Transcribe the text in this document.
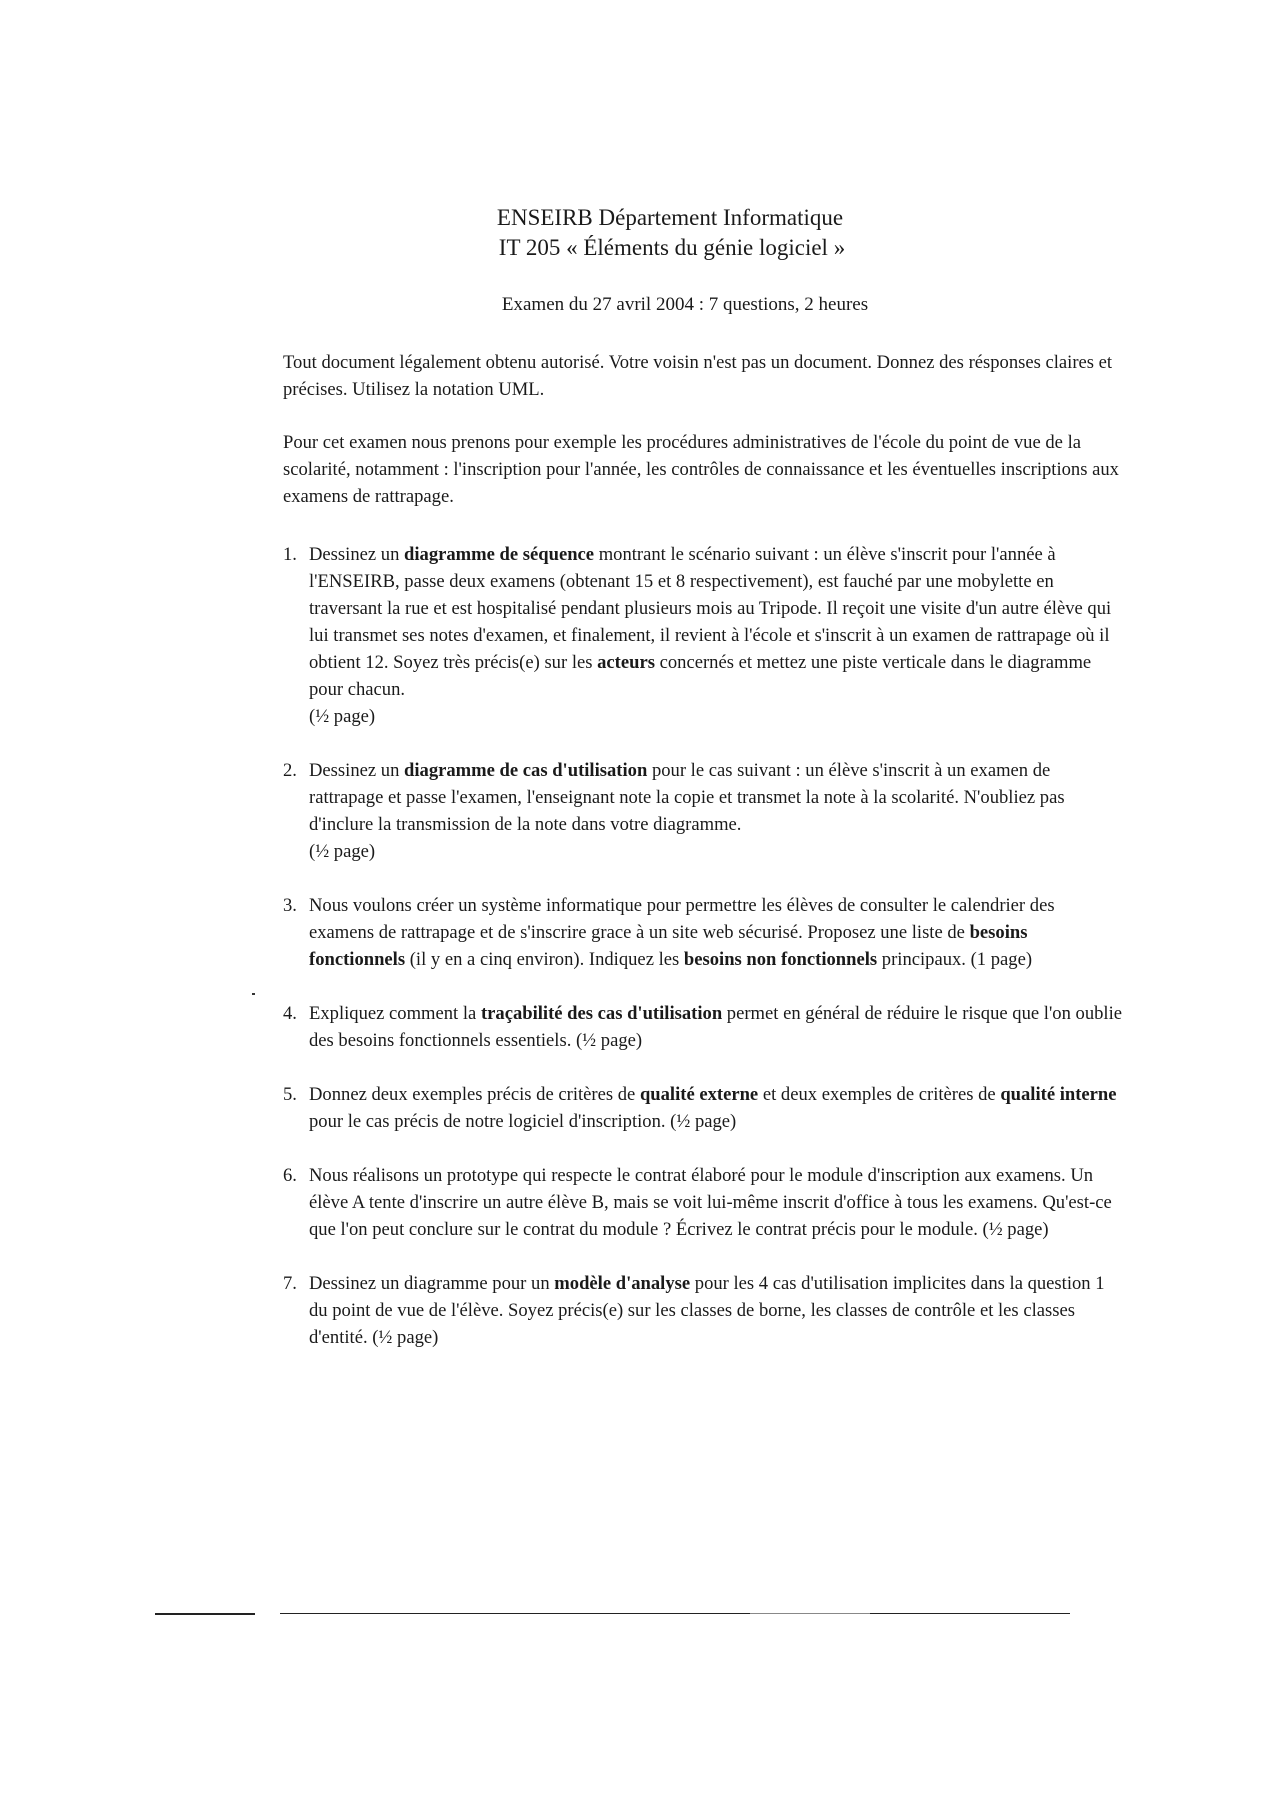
ENSEIRB Département Informatique
IT 205 « Éléments du génie logiciel »
Examen du 27 avril 2004 : 7 questions, 2 heures

Tout document légalement obtenu autorisé. Votre voisin n'est pas un document. Donnez des résponses claires et précises. Utilisez la notation UML.

Pour cet examen nous prenons pour exemple les procédures administratives de l'école du point de vue de la scolarité, notamment : l'inscription pour l'année, les contrôles de connaissance et les éventuelles inscriptions aux examens de rattrapage.

1. Dessinez un diagramme de séquence montrant le scénario suivant : un élève s'inscrit pour l'année à l'ENSEIRB, passe deux examens (obtenant 15 et 8 respectivement), est fauché par une mobylette en traversant la rue et est hospitalisé pendant plusieurs mois au Tripode. Il reçoit une visite d'un autre élève qui lui transmet ses notes d'examen, et finalement, il revient à l'école et s'inscrit à un examen de rattrapage où il obtient 12. Soyez très précis(e) sur les acteurs concernés et mettez une piste verticale dans le diagramme pour chacun.
(½ page)
2. Dessinez un diagramme de cas d'utilisation pour le cas suivant : un élève s'inscrit à un examen de rattrapage et passe l'examen, l'enseignant note la copie et transmet la note à la scolarité. N'oubliez pas d'inclure la transmission de la note dans votre diagramme.
(½ page)
3. Nous voulons créer un système informatique pour permettre les élèves de consulter le calendrier des examens de rattrapage et de s'inscrire grace à un site web sécurisé. Proposez une liste de besoins fonctionnels (il y en a cinq environ). Indiquez les besoins non fonctionnels principaux. (1 page)
4. Expliquez comment la traçabilité des cas d'utilisation permet en général de réduire le risque que l'on oublie des besoins fonctionnels essentiels. (½ page)
5. Donnez deux exemples précis de critères de qualité externe et deux exemples de critères de qualité interne pour le cas précis de notre logiciel d'inscription. (½ page)
6. Nous réalisons un prototype qui respecte le contrat élaboré pour le module d'inscription aux examens. Un élève A tente d'inscrire un autre élève B, mais se voit lui-même inscrit d'office à tous les examens. Qu'est-ce que l'on peut conclure sur le contrat du module ? Écrivez le contrat précis pour le module. (½ page)
7. Dessinez un diagramme pour un modèle d'analyse pour les 4 cas d'utilisation implicites dans la question 1 du point de vue de l'élève. Soyez précis(e) sur les classes de borne, les classes de contrôle et les classes d'entité. (½ page)
